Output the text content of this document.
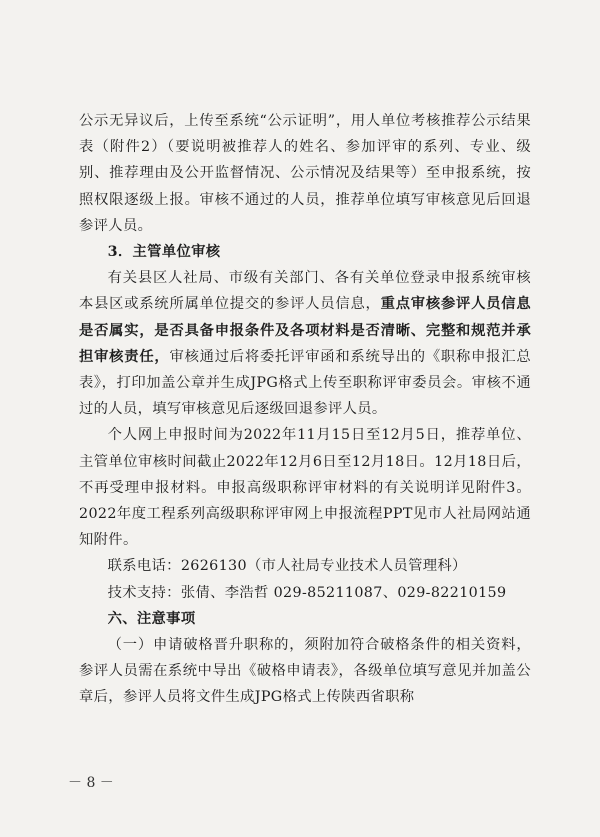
公示无异议后，上传至系统“公示证明”，用人单位考核推荐公示结果表（附件2）（要说明被推荐人的姓名、参加评审的系列、专业、级别、推荐理由及公开监督情况、公示情况及结果等）至申报系统，按照权限逐级上报。审核不通过的人员，推荐单位填写审核意见后回退参评人员。

3．主管单位审核

有关县区人社局、市级有关部门、各有关单位登录申报系统审核本县区或系统所属单位提交的参评人员信息，重点审核参评人员信息是否属实，是否具备申报条件及各项材料是否清晰、完整和规范并承担审核责任，审核通过后将委托评审函和系统导出的《职称申报汇总表》，打印加盖公章并生成JPG格式上传至职称评审委员会。审核不通过的人员，填写审核意见后逐级回退参评人员。

个人网上申报时间为2022年11月15日至12月5日，推荐单位、主管单位审核时间截止2022年12月6日至12月18日。12月18日后，不再受理申报材料。申报高级职称评审材料的有关说明详见附件3。2022年度工程系列高级职称评审网上申报流程PPT见市人社局网站通知附件。

联系电话：2626130（市人社局专业技术人员管理科）

技术支持：张倩、李浩哲 029-85211087、029-82210159

六、注意事项

（一）申请破格晋升职称的，须附加符合破格条件的相关资料，参评人员需在系统中导出《破格申请表》，各级单位填写意见并加盖公章后，参评人员将文件生成JPG格式上传陕西省职称

－ 8 －
